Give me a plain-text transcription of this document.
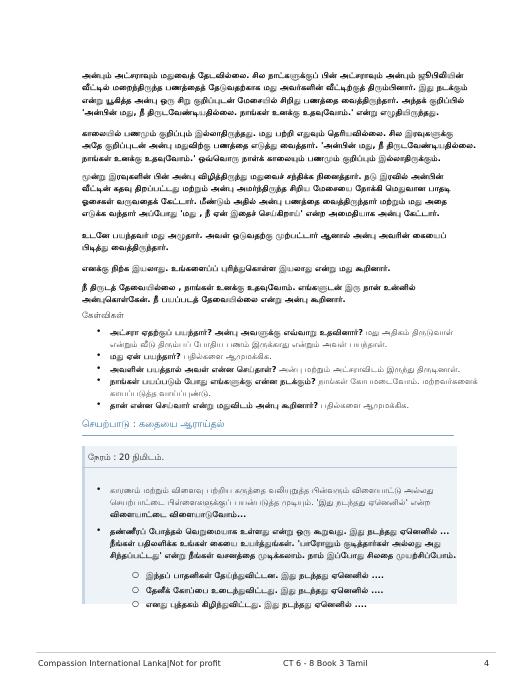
அன்பும் அட்சராவும் மதுவைத் தேடவில்லை. சில நாட்களுக்குப் பின் அட்சராவும் அன்பும் ஜூபிலியின்
வீட்டில் மறைந்திருந்த பணத்தைத் தேடுவதற்காக மது அவர்களின் வீட்டிற்குத் திரும்பினார். இது நடக்கும்
என்று யூகித்த அன்பு ஒரு சிறு குறிப்புடன் மேசையில் சிறிது பணத்தை வைத்திருந்தார். அந்தக் குறிப்பில்
'அன்பின் மது, நீ திருடவேண்டியதில்லை. நாங்கள் உனக்கு உதவுவோம்.' என்று எழுதியிருந்தது.
காலையில் பணமும் குறிப்பும் இல்லாதிருந்தது. மது பற்றி எதுவும் தெரியவில்லை. சில இரவுகளுக்கு
அதே குறிப்புடன் அன்பு மதுவிற்கு பணத்தை எடுத்து வைத்தார். 'அன்பின் மது, நீ திருடவேண்டியதில்லை.
நாங்கள் உனக்கு உதவுவோம்.' ஒவ்வொரு நாள்க் காலையும் பணமும் குறிப்பும் இல்லாதிருக்கும்.
மூன்று இரவுகளின் பின் அன்பு விழித்திருந்து மதுவைச் சந்திக்க நினைத்தார். நடு இரவில் அன்பின்
வீட்டின் கதவு திறப்பட்டது மற்றும் அன்பு அமர்ந்திருந்த சிறிய மேசையை நோக்கி மெதுவான பாதடி
ஓசைகள் வருவதைக் கேட்டார். மீண்டும் அதில் அன்பு பணத்தை வைத்திருந்தார் மற்றும் மது அதை
எடுக்க வந்தார் அப்போது 'மது , நீ ஏன் இதைச் செய்கிறாய்' என்ற அமைதியாக அன்பு கேட்டார்.
உடனே பயந்தவர் மது அழுதார். அவள் ஒடுவதற்கு முற்பட்டார் ஆனால் அன்பு அவரின் கையைப்
பிடித்து வைத்திருந்தார்.
எனக்கு நிற்க இயலாது. உங்களைப்ப் புரிந்துகொள்ள இயலாது என்று மது கூறினார்.
நீ திருடத் தேவையில்லை , நாங்கள் உனக்கு உதவுவோம். எங்களுடன் இரு நான் உன்னில்
அன்புகொள்கேன். நீ பயப்படத் தேவையில்லை என்று அன்பு கூறினார்.
கேள்விகள்
• அட்சரா ஏதற்குப் பயந்தார்? அன்பு அவளுக்கு எவ்வாறு உதவினார்? மது அதிகம் திருடுவாள்
என்றும் வீடு திரும்பப் போதிய பணம் இருக்காது என்றும் அவள் பயந்தாள்.
• மது ஏன் பயந்தார்? பதில்களை ஆமுமக்கிக.
• அவளின் பயத்தால் அவள் என்ன செய்தாள்? அன்பு மற்றும் அட்சராவிடம் இருந்து திருடினாள்.
• நாங்கள் பயப்படும் போது எங்களுக்கு என்ன நடக்கும்? நாங்கள் கோபமடைவோம். மற்றவர்களைக்
காயப்படுத்த வாய்ப்புண்டு.
• தான் என்ன செய்வார் என்று மதுவிடம் அன்பு கூறினார்? பதில்களை ஆமுமக்கிக.
செயற்பாடு : கதையை ஆராய்தல்
நேரம் : 20 நிமிடம்.
• காரணம் மற்றும் விளைவு பற்றிய கருத்தை வலியுறுத்த பின்வரும் விளையாட்டு அல்லது
செயற்பாட்டை பிள்ளைகளுக்குப் பயன்படுத்த முடியும். 'இது நடந்தது ஏனெனில்' என்ற
விளையாட்டை விளையாடுவோம்...
• தண்ணீரப் போத்தல் வெறுமையாக உள்ளது என்று ஒரு கூறுவது. இது நடந்தது ஏனெனில் ...
நீங்கள் பதிலளிக்க உங்கள் கையை உயர்த்துங்கள். 'பாரோனும் குடித்தார்கள் அல்லது அது
சிந்தப்பட்டது' என்று நீங்கள் வசனத்தை முடிக்கலாம். நாம் இப்போது சிலதை முயற்சிப்போம்.
○ இந்தப் பாதனிகள் தேய்ந்துவிட்டன. இது நடந்தது ஏனெனில் ....
○ தேனீக் கோப்பை உடைந்துவிட்டது. இது நடந்தது ஏனெனில் ....
○ எனது புத்தகம் கிழிந்துவிட்டது. இது நடந்தது ஏனெனில் ....
Compassion International Lanka|Not for profit	CT 6 - 8 Book 3 Tamil	4
